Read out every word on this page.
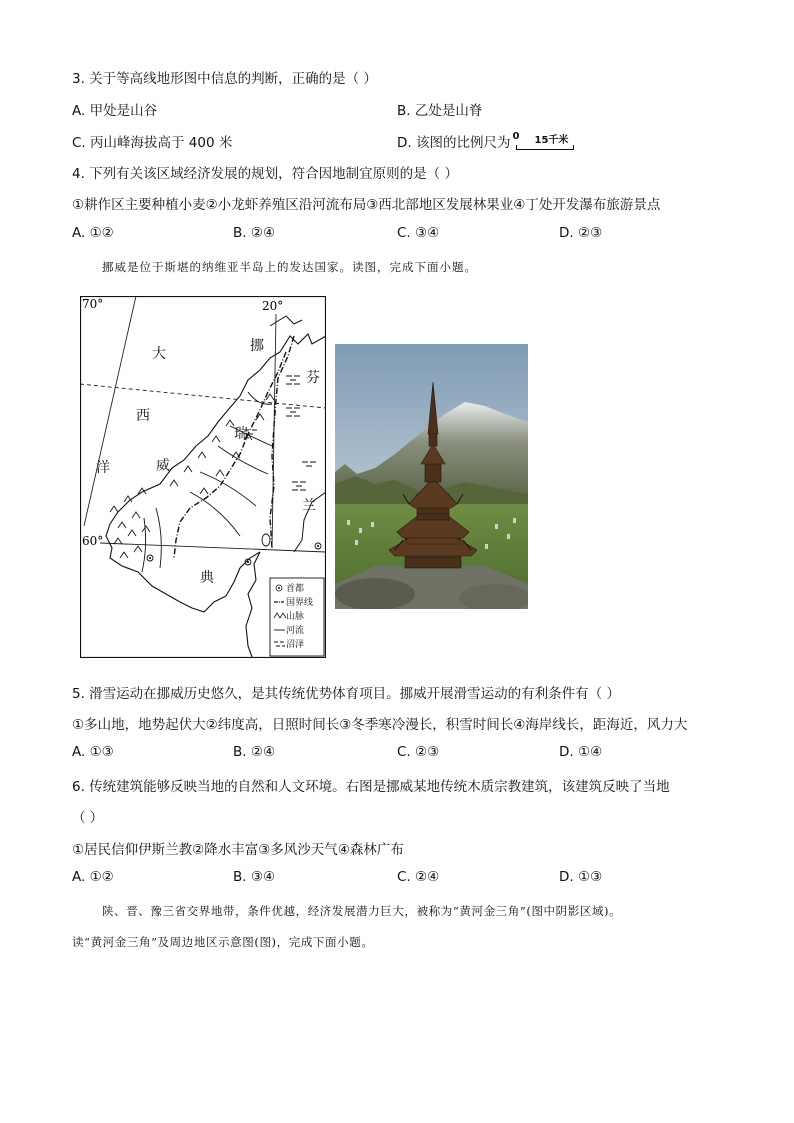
3. 关于等高线地形图中信息的判断，正确的是（ ）
A. 甲处是山谷	B. 乙处是山脊
C. 丙山峰海拔高于 400 米	D. 该图的比例尺为 0 15千米
4. 下列有关该区域经济发展的规划，符合因地制宜原则的是（ ）
①耕作区主要种植小麦②小龙虾养殖区沿河流布局③西北部地区发展林果业④丁处开发瀑布旅游景点
A. ①②	B. ②④	C. ③④	D. ②③
挪威是位于斯堪的纳维亚半岛上的发达国家。读图，完成下面小题。
70°	20°
60°
大
西
洋
挪
威
瑞
典
芬
兰
首都
国界线
山脉
河流
沼泽
5. 滑雪运动在挪威历史悠久，是其传统优势体育项目。挪威开展滑雪运动的有利条件有（ ）
①多山地，地势起伏大②纬度高，日照时间长③冬季寒冷漫长，积雪时间长④海岸线长，距海近，风力大
A. ①③	B. ②④	C. ②③	D. ①④
6. 传统建筑能够反映当地的自然和人文环境。右图是挪威某地传统木质宗教建筑，该建筑反映了当地
（ ）
①居民信仰伊斯兰教②降水丰富③多风沙天气④森林广布
A. ①②	B. ③④	C. ②④	D. ①③
陕、晋、豫三省交界地带，条件优越，经济发展潜力巨大，被称为“黄河金三角”(图中阴影区域)。
读“黄河金三角”及周边地区示意图(图)，完成下面小题。
